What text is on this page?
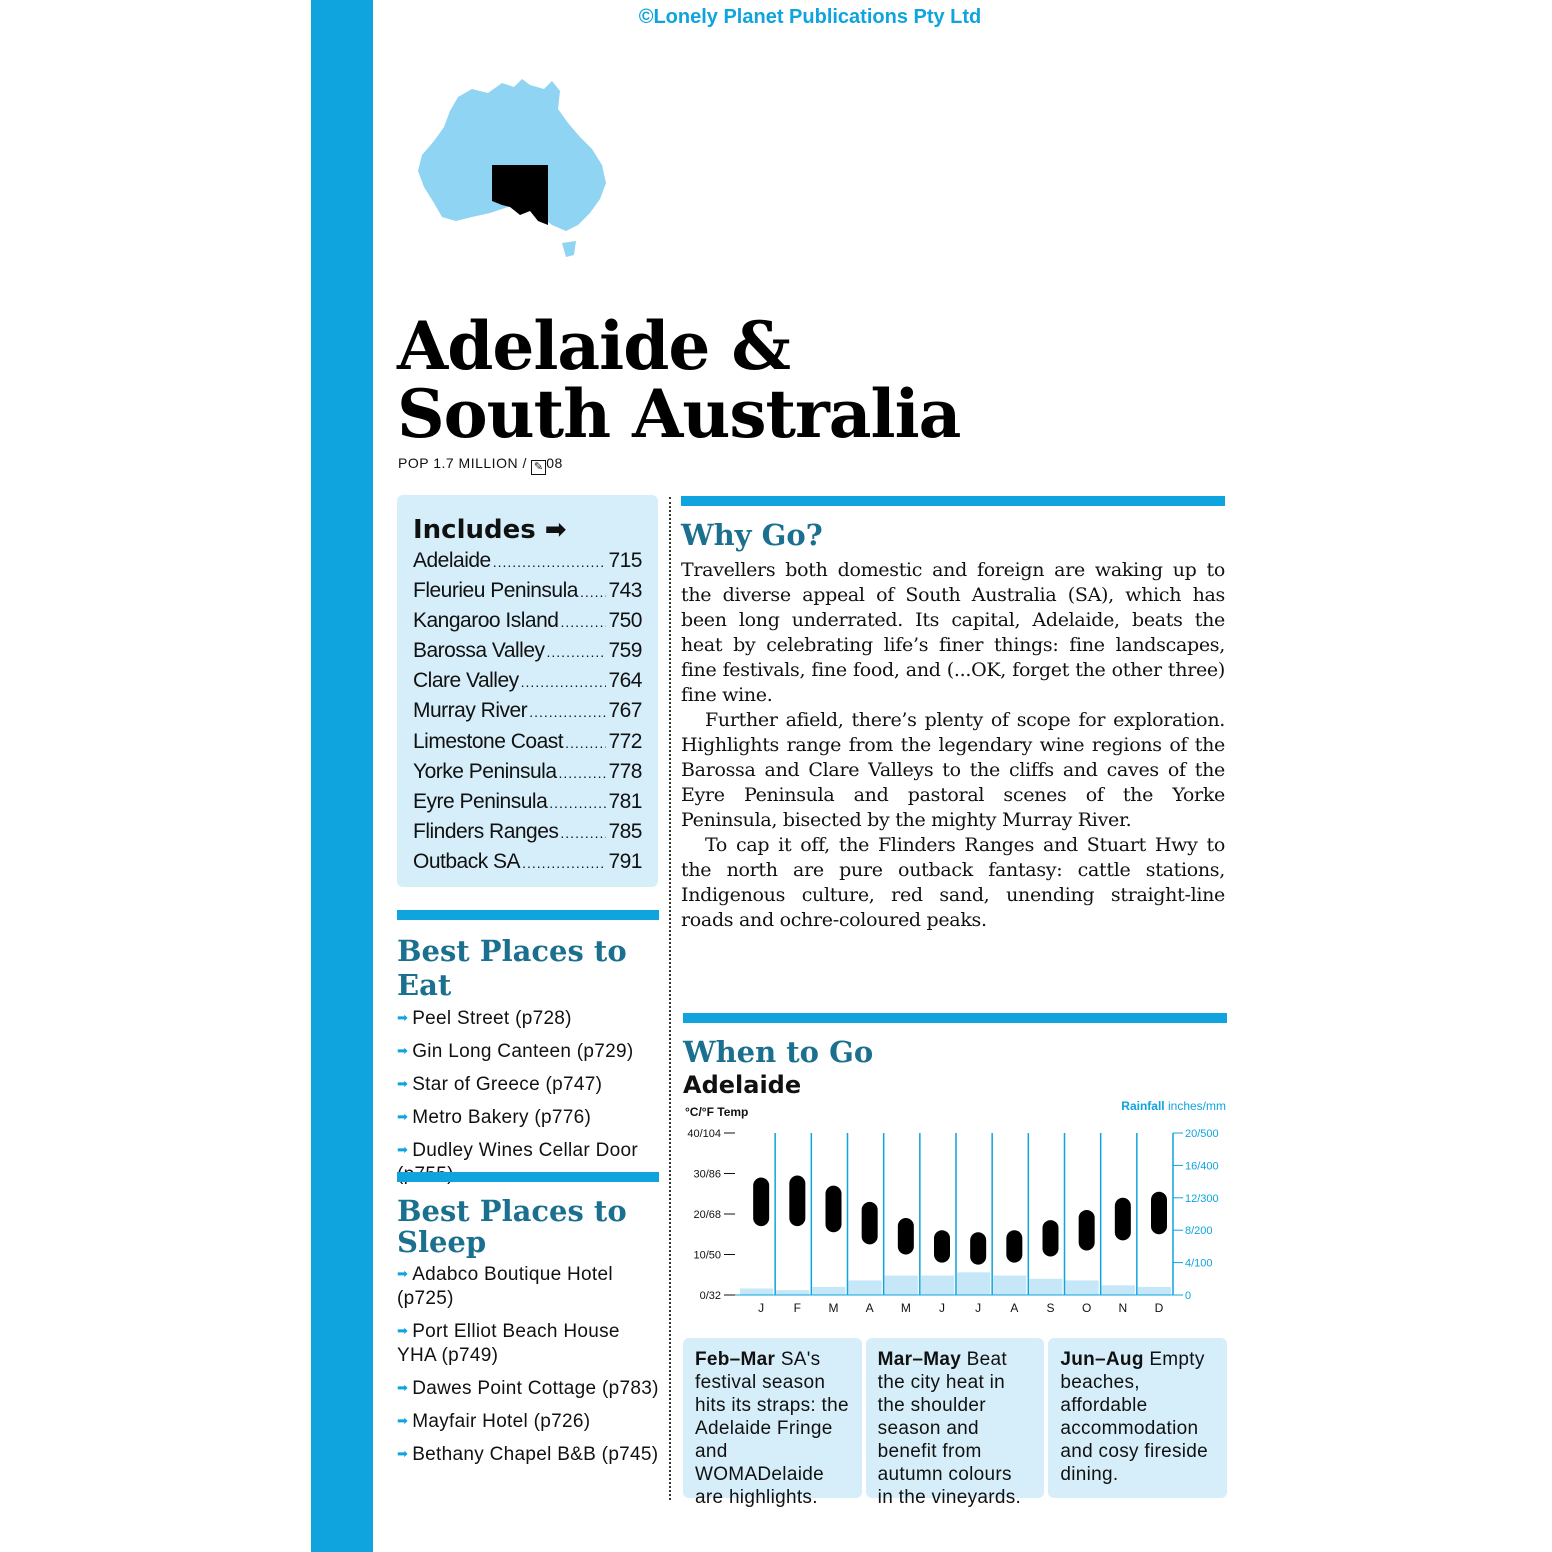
©Lonely Planet Publications Pty Ltd
Adelaide &
South Australia
POP 1.7 MILLION / ✎ 08
Includes ➡
Adelaide .....	715
Fleurieu Peninsula ..... 743
Kangaroo Island ..... 750
Barossa Valley .....	759
Clare Valley .....	764
Murray River .....	767
Limestone Coast ..... 772
Yorke Peninsula ..... 778
Eyre Peninsula .....	781
Flinders Ranges ..... 785
Outback SA .....	791
Best Places to Eat
➡ Peel Street (p728)
➡ Gin Long Canteen (p729)
➡ Star of Greece (p747)
➡ Metro Bakery (p776)
➡ Dudley Wines Cellar Door
Best Places to
Sleep
➡ Adabco Boutique Hotel (p725)
➡ Port Elliot Beach House YHA (p749)
➡ Dawes Point Cottage (p783)
➡ Mayfair Hotel (p726)
➡ Bethany Chapel B&B (p745)
Why Go?

Travellers both domestic and foreign are waking up to the diverse appeal of South Australia (SA), which has been long underrated. Its capital, Adelaide, beats the heat by celebrating life’s finer things: fine landscapes, fine festivals, fine food, and (...OK, forget the other three) fine wine.

Further afield, there’s plenty of scope for exploration. Highlights range from the legendary wine regions of the Barossa and Clare Valleys to the cliffs and caves of the Eyre Peninsula and pastoral scenes of the Yorke Peninsula, bisected by the mighty Murray River.

To cap it off, the Flinders Ranges and Stuart Hwy to the north are pure outback fantasy: cattle stations, Indigenous culture, red sand, unending straight-line roads and ochre-coloured peaks.

When to Go
Adelaide
°C/°F Temp	Rainfall inches/mm
40/104
30/86
20/68
10/50
0/32
20/500
16/400
12/300
8/200
4/100
0
J F M A M J	J A S O N D
Feb–Mar SA's festival season hits its straps: the Adelaide Fringe and WOMADelaide are highlights.
Mar–May Beat the city heat in the shoulder season and benefit from autumn colours in the vineyards.
Jun–Aug Empty beaches, affordable accommodation and cosy fireside dining.
